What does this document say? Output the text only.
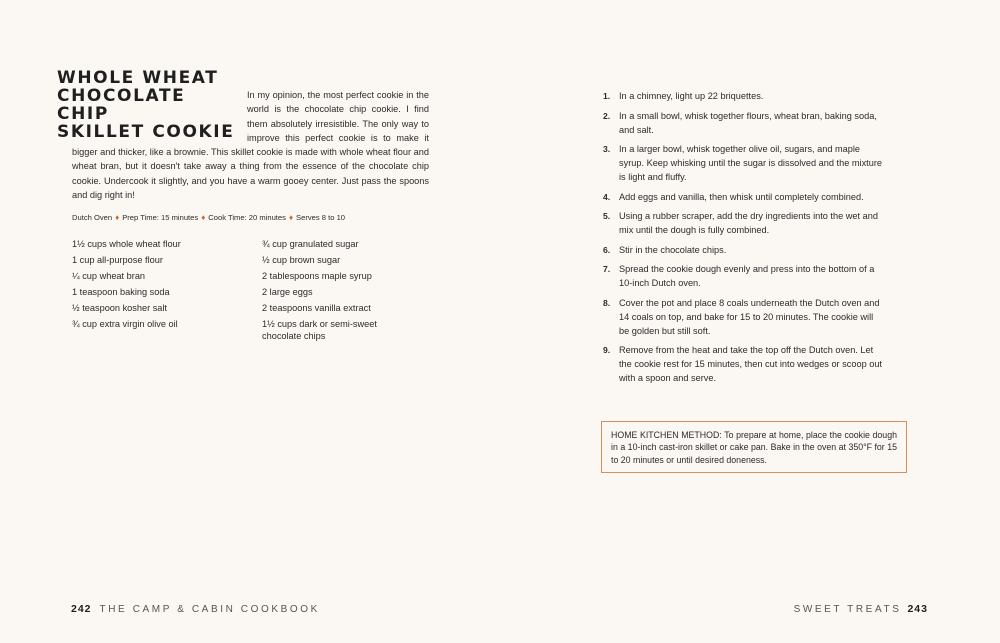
WHOLE WHEAT
CHOCOLATE CHIP
SKILLET COOKIE
In my opinion, the most perfect cookie in the world is the chocolate chip cookie. I find them absolutely irresistible. The only way to improve this perfect cookie is to make it bigger and thicker, like a brownie. This skillet cookie is made with whole wheat flour and wheat bran, but it doesn't take away a thing from the essence of the chocolate chip cookie. Undercook it slightly, and you have a warm gooey center. Just pass the spoons and dig right in!
Dutch Oven ♦ Prep Time: 15 minutes ♦ Cook Time: 20 minutes ♦ Serves 8 to 10
1½ cups whole wheat flour
1 cup all-purpose flour
¼ cup wheat bran
1 teaspoon baking soda
½ teaspoon kosher salt
¾ cup extra virgin olive oil
¾ cup granulated sugar
½ cup brown sugar
2 tablespoons maple syrup
2 large eggs
2 teaspoons vanilla extract
1½ cups dark or semi-sweet chocolate chips
242 THE CAMP & CABIN COOKBOOK
1. In a chimney, light up 22 briquettes.
2. In a small bowl, whisk together flours, wheat bran, baking soda, and salt.
3. In a larger bowl, whisk together olive oil, sugars, and maple syrup. Keep whisking until the sugar is dissolved and the mixture is light and fluffy.
4. Add eggs and vanilla, then whisk until completely combined.
5. Using a rubber scraper, add the dry ingredients into the wet and mix until the dough is fully combined.
6. Stir in the chocolate chips.
7. Spread the cookie dough evenly and press into the bottom of a 10-inch Dutch oven.
8. Cover the pot and place 8 coals underneath the Dutch oven and 14 coals on top, and bake for 15 to 20 minutes. The cookie will be golden but still soft.
9. Remove from the heat and take the top off the Dutch oven. Let the cookie rest for 15 minutes, then cut into wedges or scoop out with a spoon and serve.
HOME KITCHEN METHOD: To prepare at home, place the cookie dough in a 10-inch cast-iron skillet or cake pan. Bake in the oven at 350°F for 15 to 20 minutes or until desired doneness.
SWEET TREATS 243
